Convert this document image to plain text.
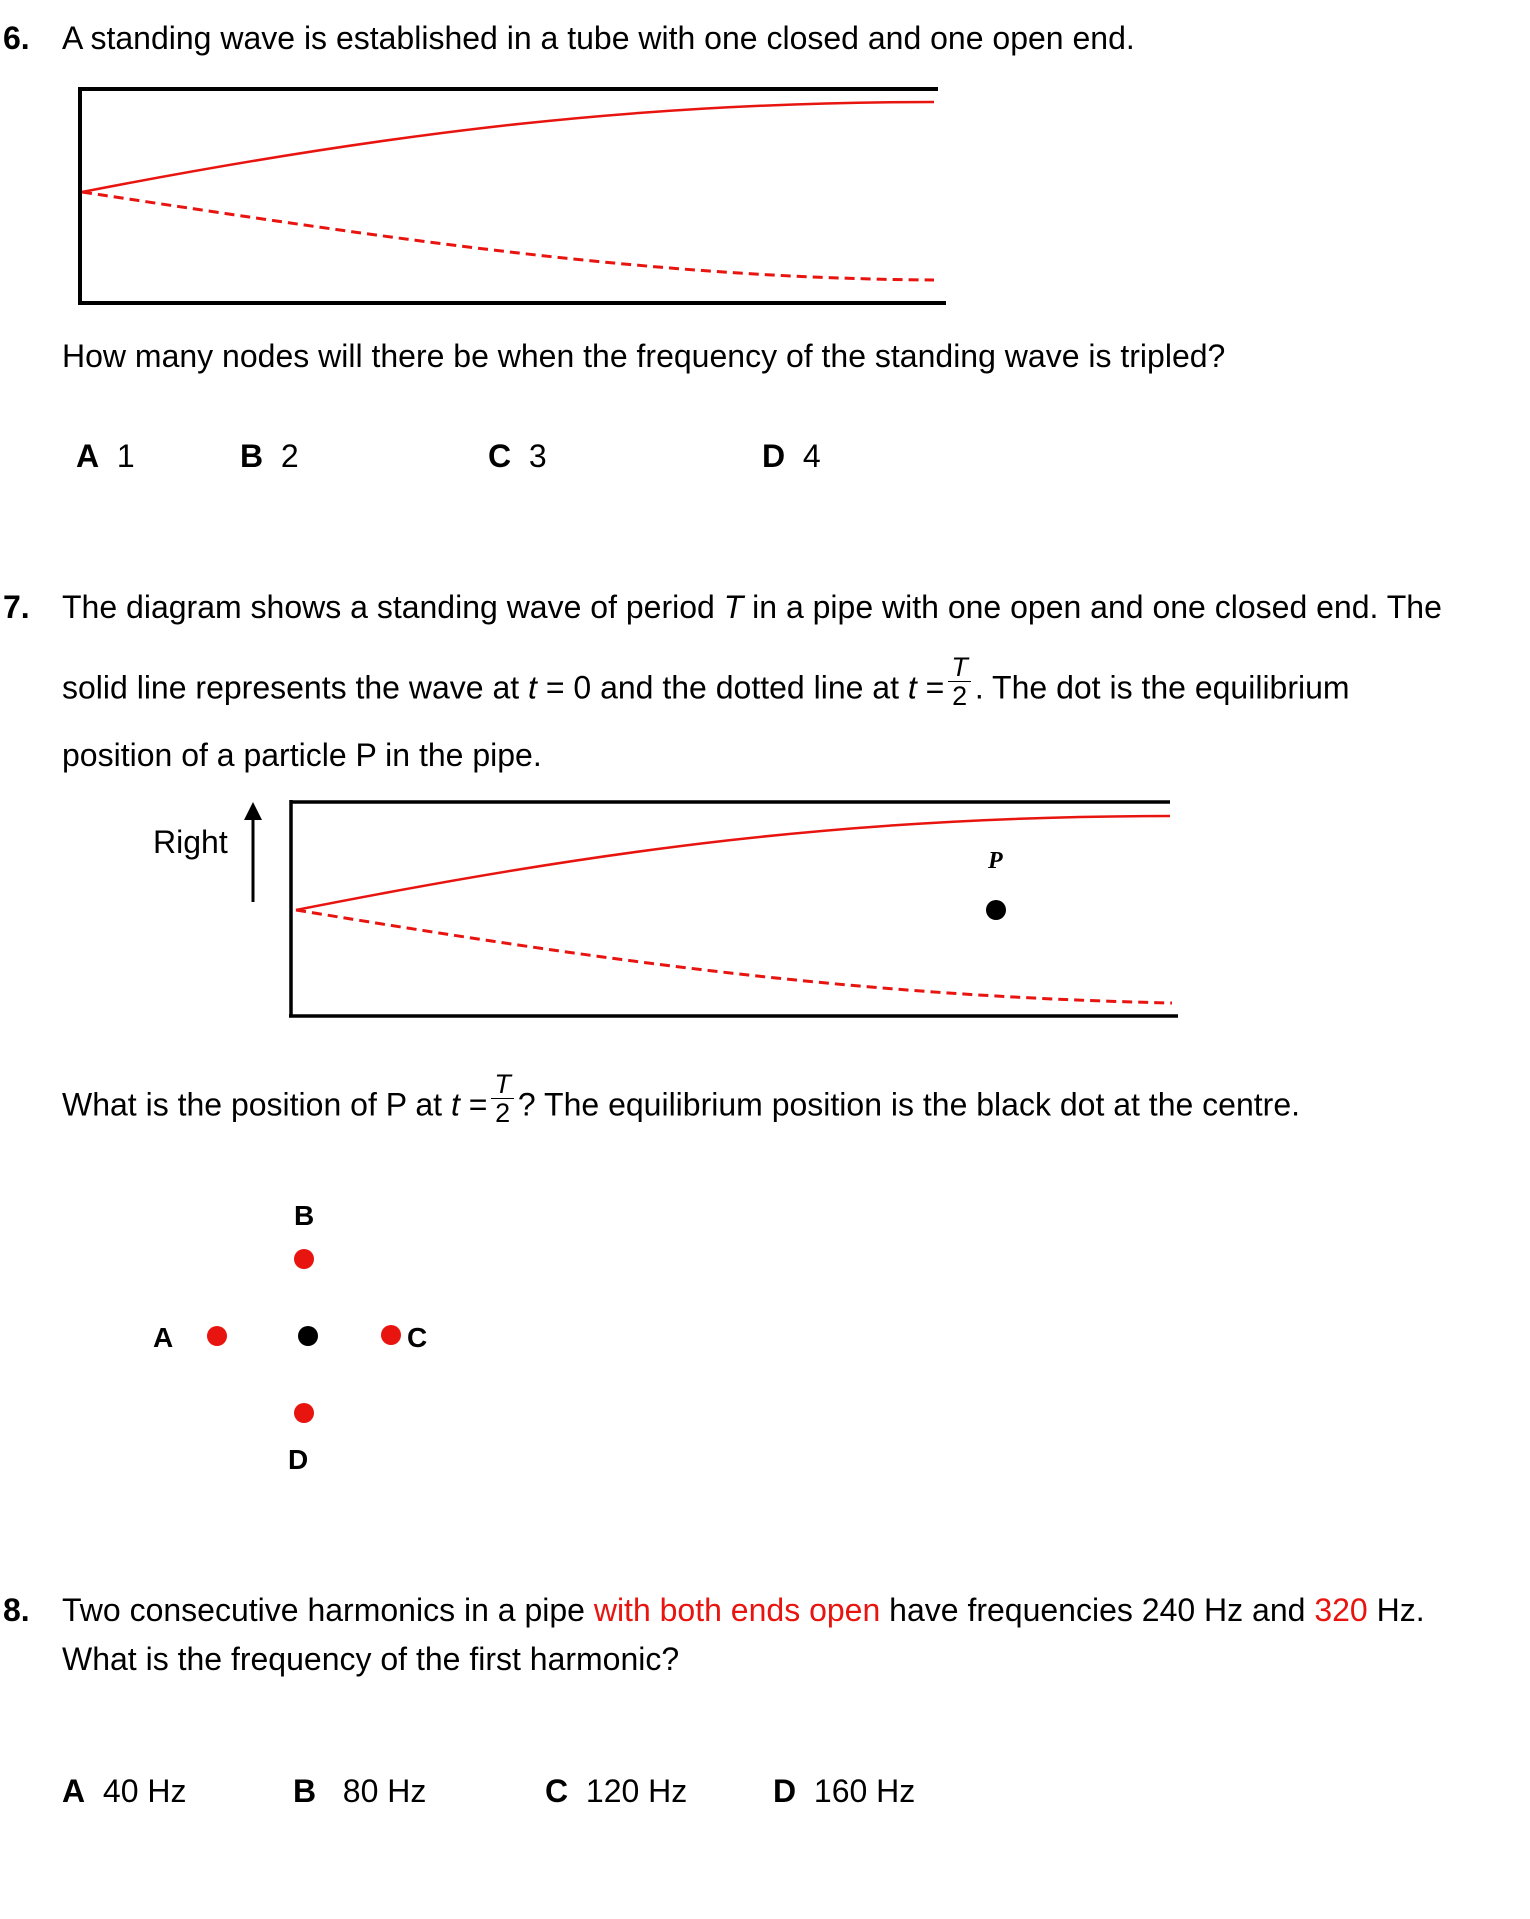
6. A standing wave is established in a tube with one closed and one open end.
How many nodes will there be when the frequency of the standing wave is tripled?
A 1	B 2	C 3	D 4
7. The diagram shows a standing wave of period T in a pipe with one open and one closed end. The
solid line represents the wave at t = 0 and the dotted line at $t = \frac{T}{2}$ . The dot is the equilibrium
position of a particle P in the pipe.
Right
P
What is the position of P at $t = \frac{T}{2}$ ? The equilibrium position is the black dot at the centre.
B
A	C
D
8. Two consecutive harmonics in a pipe with both ends open have frequencies 240 Hz and 320 Hz.
What is the frequency of the first harmonic?
A 40 Hz	B 80 Hz	C 120 Hz	D 160 Hz
